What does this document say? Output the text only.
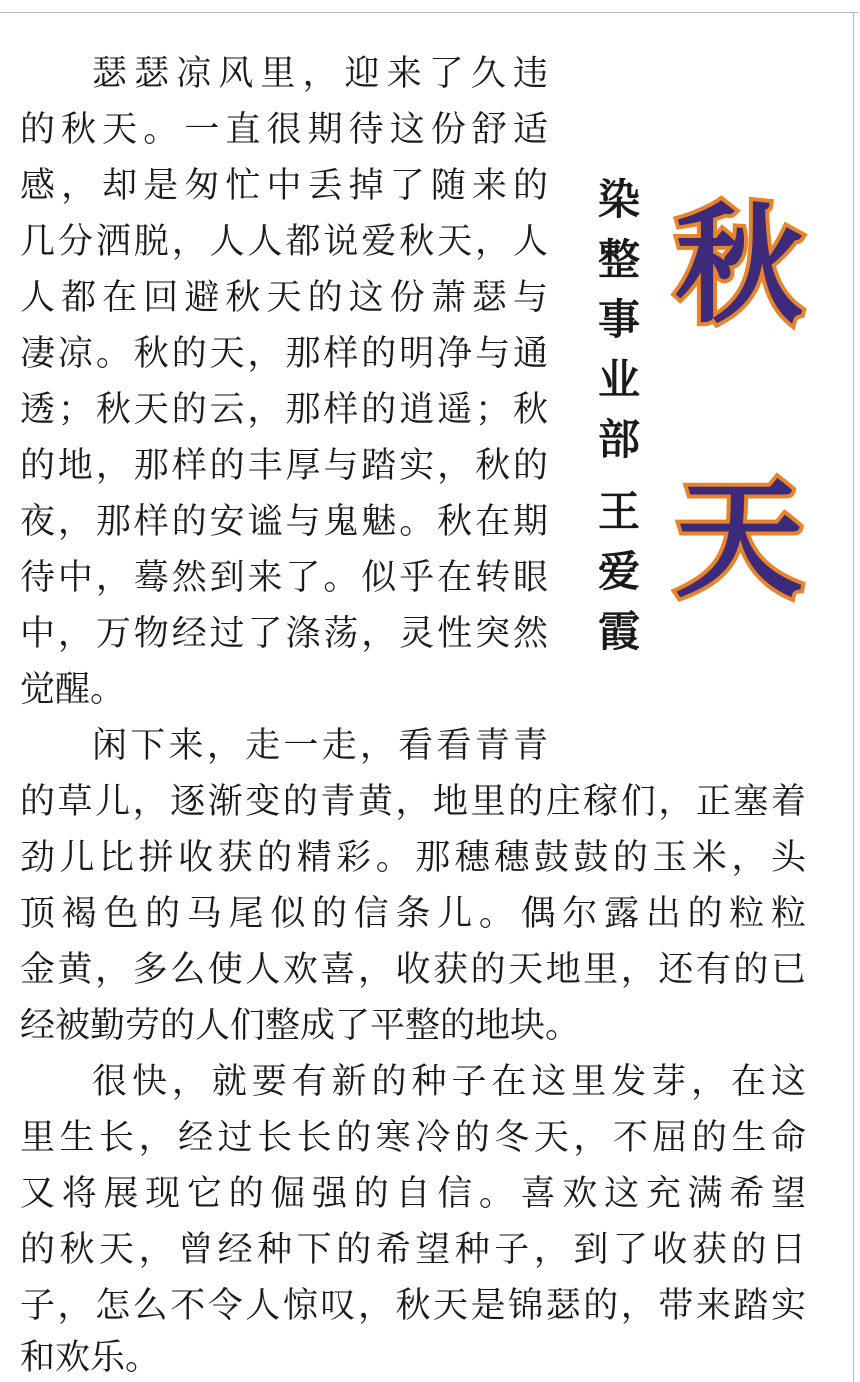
瑟瑟凉风里，迎来了久违
的秋天。一直很期待这份舒适
感，却是匆忙中丢掉了随来的
几分洒脱，人人都说爱秋天，人
人都在回避秋天的这份萧瑟与
凄凉。秋的天，那样的明净与通
透；秋天的云，那样的逍遥；秋
的地，那样的丰厚与踏实，秋的
夜，那样的安谧与鬼魅。秋在期
待中，蓦然到来了。似乎在转眼
中，万物经过了涤荡，灵性突然
觉醒。
闲下来，走一走，看看青青
的草儿，逐渐变的青黄，地里的庄稼们，正塞着
劲儿比拼收获的精彩。那穗穗鼓鼓的玉米，头
顶褐色的马尾似的信条儿。偶尔露出的粒粒
金黄，多么使人欢喜，收获的天地里，还有的已
经被勤劳的人们整成了平整的地块。
很快，就要有新的种子在这里发芽，在这
里生长，经过长长的寒冷的冬天，不屈的生命
又将展现它的倔强的自信。喜欢这充满希望
的秋天，曾经种下的希望种子，到了收获的日
子，怎么不令人惊叹，秋天是锦瑟的，带来踏实
和欢乐。
染
整
事
业
部
王
爱
霞
秋
天
